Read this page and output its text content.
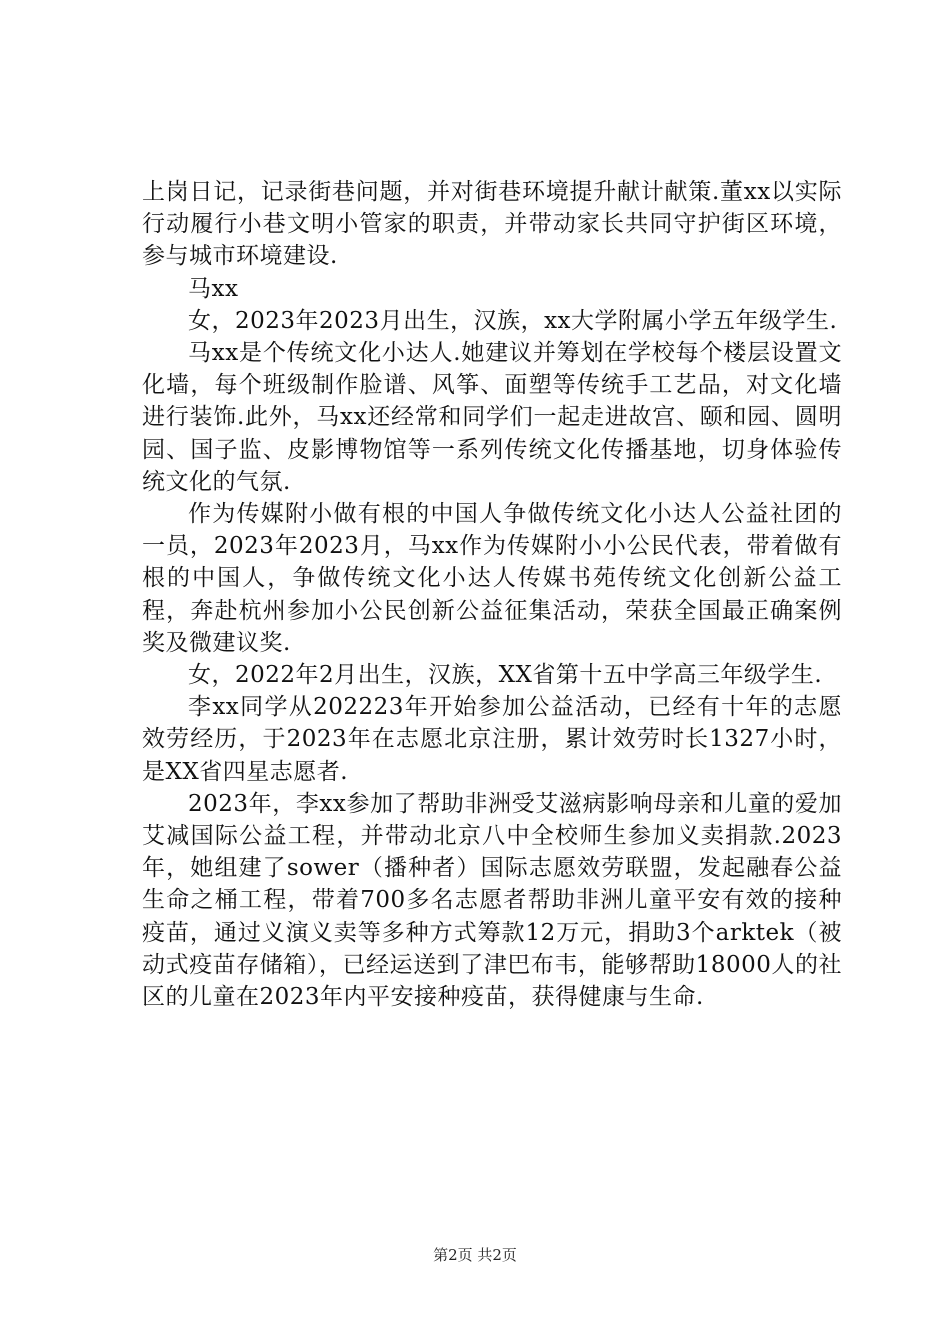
上岗日记，记录街巷问题，并对街巷环境提升献计献策.董xx以实际行动履行小巷文明小管家的职责，并带动家长共同守护街区环境，参与城市环境建设.

马xx

女，2023年2023月出生，汉族，xx大学附属小学五年级学生.

马xx是个传统文化小达人.她建议并筹划在学校每个楼层设置文化墙，每个班级制作脸谱、风筝、面塑等传统手工艺品，对文化墙进行装饰.此外，马xx还经常和同学们一起走进故宫、颐和园、圆明园、国子监、皮影博物馆等一系列传统文化传播基地，切身体验传统文化的气氛.

作为传媒附小做有根的中国人争做传统文化小达人公益社团的一员，2023年2023月，马xx作为传媒附小小公民代表，带着做有根的中国人，争做传统文化小达人传媒书苑传统文化创新公益工程，奔赴杭州参加小公民创新公益征集活动，荣获全国最正确案例奖及微建议奖.

女，2022年2月出生，汉族，XX省第十五中学高三年级学生.

李xx同学从202223年开始参加公益活动，已经有十年的志愿效劳经历，于2023年在志愿北京注册，累计效劳时长1327小时，是XX省四星志愿者.

2023年，李xx参加了帮助非洲受艾滋病影响母亲和儿童的爱加艾减国际公益工程，并带动北京八中全校师生参加义卖捐款.2023年，她组建了sower（播种者）国际志愿效劳联盟，发起融春公益生命之桶工程，带着700多名志愿者帮助非洲儿童平安有效的接种疫苗，通过义演义卖等多种方式筹款12万元，捐助3个arktek（被动式疫苗存储箱），已经运送到了津巴布韦，能够帮助18000人的社区的儿童在2023年内平安接种疫苗，获得健康与生命.

第2页 共2页
